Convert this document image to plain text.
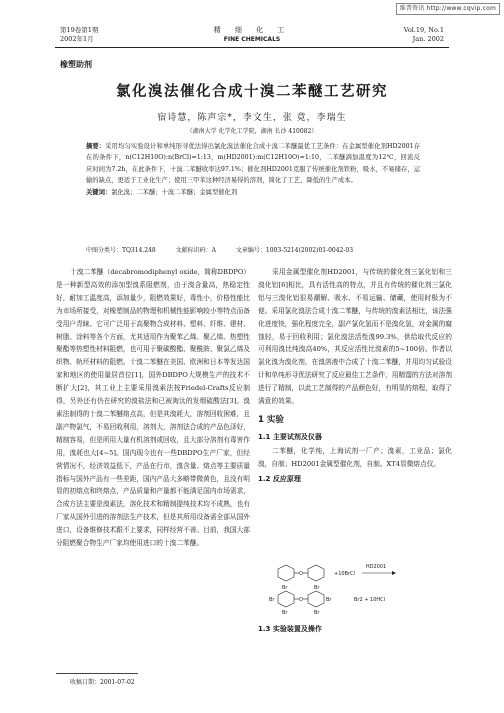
维普资讯 http://www.cqvip.com
第19卷第1期
2002年1月
精 细 化 工
FINE CHEMICALS
Vol.19, No.1
Jan. 2002
橡塑助剂
氯化溴法催化合成十溴二苯醚工艺研究
宿诗慧，陈声宗*，李文生，张 竟，李瑞生
（湖南大学 化学化工学院，湖南 长沙 410082）
摘要：采用均匀实验设计和单纯形寻优法得出氯化溴法催化合成十溴二苯醚最优工艺条件：在金属型催化剂HD2001存在的条件下，n(C12H10O):n(BrCl)=1:13，m(HD2001):m(C12H10O)=1:10，二苯醚滴加温度为12℃，回流反应时间为7.2h，在此条件下，十溴二苯醚收率达97.1%；催化剂HD2001克服了传统催化剂铁粉，吸水，不易储存，运输的缺点，更适于工业化生产；使用三甲苯这种经济易得的溶剂，简化了工艺，降低的生产成本。
关键词：氯化溴；二苯醚；十溴二苯醚；金属型催化剂
中图分类号：TQ314.248	文献标识码：A	文章编号：1003-5214(2002)01-0042-03

十溴二苯醚（decabromodiphenyl oxide，简称DBDPO）是一种新型高效的添加型溴系阻燃剂，由于溴含量高，热稳定性好，耐加工温度高，添加量少，阻燃效果好，毒性小，价格性能比为市场所接受，对橡塑制品的物理和机械性能影响较小等特点而备受用户青睐。它可广泛用于高聚物合成材料、塑料、纤维、建材、树脂、涂料等各个方面，尤其适用作为聚苯乙烯、聚乙烯、热塑性聚酯等热塑性材料阻燃，也可用于聚碳酸酯、聚酰胺、聚氯乙烯及织物、轨坯材料的阻燃。十溴二苯醚在美国、欧洲和日本等发达国家和地区的使用量居首位[1]，国外DBDPO大规模生产的技术不断扩大[2]，其工业上主要采用溴素法按Friedel-Crafts反应制得，另外还有仍在研究的溴盐法和已被淘汰的发烟硫酸法[3]。溴素法制得的十溴二苯醚熔点高，但是其溴耗大，溶剂回收困难，且副产物氯气，不易回收利用，溶剂大，溶剂法合成的产品色泽好，精制容易，但是所用大量有机溶剂或回收，且大部分溶剂有毒害作用，溴耗也大[4~5]。国内现今也有一些DBDPO生产厂家，但经营情况不，经济效益低下，产品在行市，溴含量、熔点等主要质量指标与国外产品有一些差距，国内产品大多略带微黄色，且没有明显的初熔点和终熔点，产品质量和产量都不能满足国内市场需求，合成方法主要是溴素法，溶化技术和精制提纯技术均不成熟，也有厂家从国外引进的溶剂法生产技术，但是其所用设备需全部从国外进口，设备维修技术跟不上要求，同样经营不善。目前，我国大部分阻燃聚合物生产厂家均使用进口的十溴二苯醚。

采用金属型催化剂HD2001，与传统的催化剂三氯化铝和三溴化铝[6]相比，具有活性高的特点，并且有传统的催化剂三氯化铝与三溴化铝很易潮解、吸水、不易运输、储藏，使用时极为不便。采用氯化溴法合成十溴二苯醚，与传统的溴素法相比，该法强化进度快，强化程度完全，副产氯化氢而不是溴化氢，对金属的腐蚀轻，易于回收利用；氯化溴法活性溴99.3%，供给取代反应的可利用溴比纯溴高40%，其反应活性比溴素的5~100倍。作者以氯化溴为溴化剂，在溴溶液中合成了十溴二苯醚，并用均匀试验设计和单纯形寻优法研究了反应最佳工艺条件，用精馏的方法对溶剂进行了精制，以此工艺制得的产品颜色好，有明显的熔程，取得了满意的效果。

1 实验
1.1 主要试剂及仪器

二苯醚，化学纯，上海试剂一厂产；溴素，工业品；氯化溴，自制；HD2001金属型催化剂，自制。XT4显微熔点仪。

1.2 反应原理
O	+10BrCl
HD2001
O
Br	Br
Br	Br
Br	Br
Br2 + 10HCl
1.3 实验装置及操作
收稿日期：2001-07-02
